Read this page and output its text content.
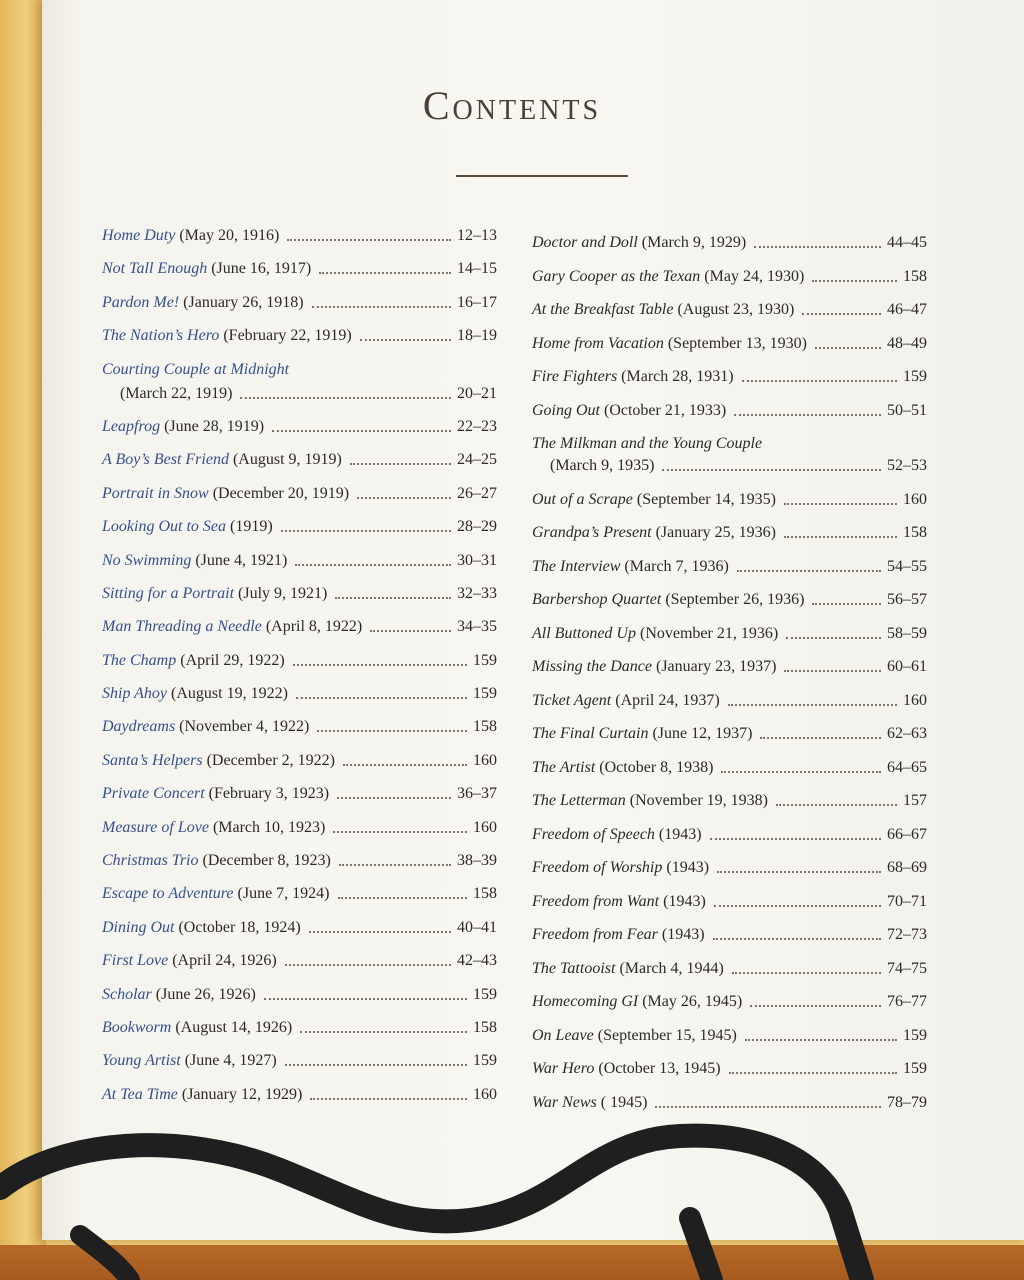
Contents
Home Duty
(May 20, 1916)	12–13
Not Tall Enough
(June 16, 1917)	14–15
Pardon Me!
(January 26, 1918)	16–17
The Nation’s Hero
(February 22, 1919)	18–19
Courting Couple at Midnight
(March 22, 1919)	20–21
Leapfrog
(June 28, 1919)	22–23
A Boy’s Best Friend
(August 9, 1919)	24–25
Portrait in Snow
(December 20, 1919)	26–27
Looking Out to Sea
(1919)	28–29
No Swimming
(June 4, 1921)	30–31
Sitting for a Portrait
(July 9, 1921)	32–33
Man Threading a Needle
(April 8, 1922)	34–35
The Champ
(April 29, 1922)	159
Ship Ahoy
(August 19, 1922)	159
Daydreams
(November 4, 1922)	158
Santa’s Helpers
(December 2, 1922)	160
Private Concert
(February 3, 1923)	36–37
Measure of Love
(March 10, 1923)	160
Christmas Trio
(December 8, 1923)	38–39
Escape to Adventure
(June 7, 1924)	158
Dining Out
(October 18, 1924)	40–41
First Love
(April 24, 1926)	42–43
Scholar
(June 26, 1926)	159
Bookworm
(August 14, 1926)	158
Young Artist
(June 4, 1927)	159
At Tea Time
(January 12, 1929)	160
Doctor and Doll
(March 9, 1929)	44–45
Gary Cooper as the Texan
(May 24, 1930)	158
At the Breakfast Table
(August 23, 1930)	46–47
Home from Vacation
(September 13, 1930)	48–49
Fire Fighters
(March 28, 1931)	159
Going Out
(October 21, 1933)	50–51
The Milkman and the Young Couple
(March 9, 1935)	52–53
Out of a Scrape
(September 14, 1935)	160
Grandpa’s Present
(January 25, 1936)	158
The Interview
(March 7, 1936)	54–55
Barbershop Quartet
(September 26, 1936)	56–57
All Buttoned Up
(November 21, 1936)	58–59
Missing the Dance
(January 23, 1937)	60–61
Ticket Agent
(April 24, 1937)	160
The Final Curtain
(June 12, 1937)	62–63
The Artist
(October 8, 1938)	64–65
The Letterman
(November 19, 1938)	157
Freedom of Speech
(1943)	66–67
Freedom of Worship
(1943)	68–69
Freedom from Want
(1943)	70–71
Freedom from Fear
(1943)	72–73
The Tattooist
(March 4, 1944)	74–75
Homecoming GI
(May 26, 1945)	76–77
On Leave
(September 15, 1945)	159
War Hero
(October 13, 1945)	159
War News
( 1945)	78–79
